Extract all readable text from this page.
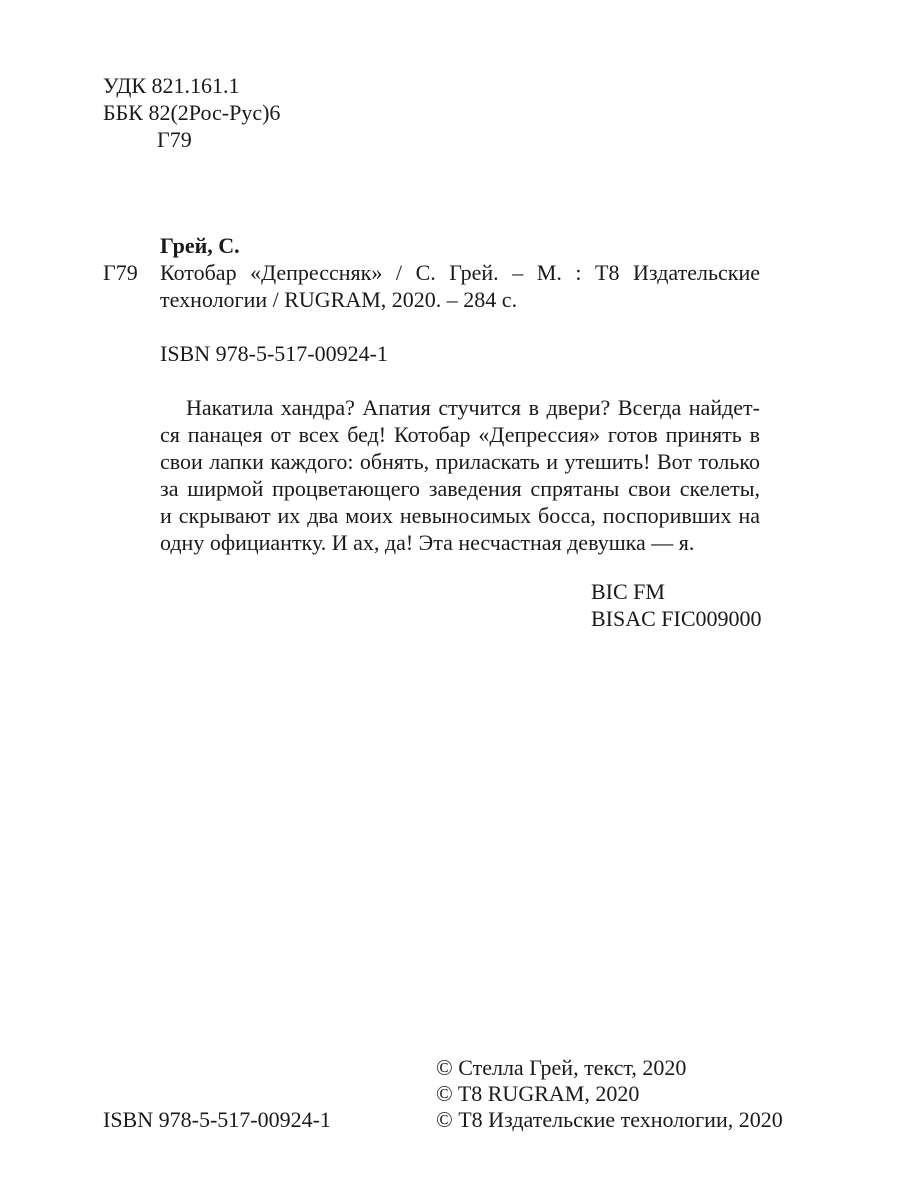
УДК 821.161.1
ББК 82(2Рос-Рус)6
Г79
Грей, С.
Г79 Котобар «Депрессняк» / С. Грей. – М. : Т8 Издательские
технологии / RUGRAM, 2020. – 284 с.
ISBN 978-5-517-00924-1
Накатила хандра? Апатия стучится в двери? Всегда найдет-
ся панацея от всех бед! Котобар «Депрессия» готов принять в
свои лапки каждого: обнять, приласкать и утешить! Вот только
за ширмой процветающего заведения спрятаны свои скелеты,
и скрывают их два моих невыносимых босса, поспоривших на
одну официантку. И ах, да! Эта несчастная девушка — я.
BIC FM
BISAC FIC009000
© Стелла Грей, текст, 2020
© T8 RUGRAM, 2020
© Т8 Издательские технологии, 2020
ISBN 978-5-517-00924-1
